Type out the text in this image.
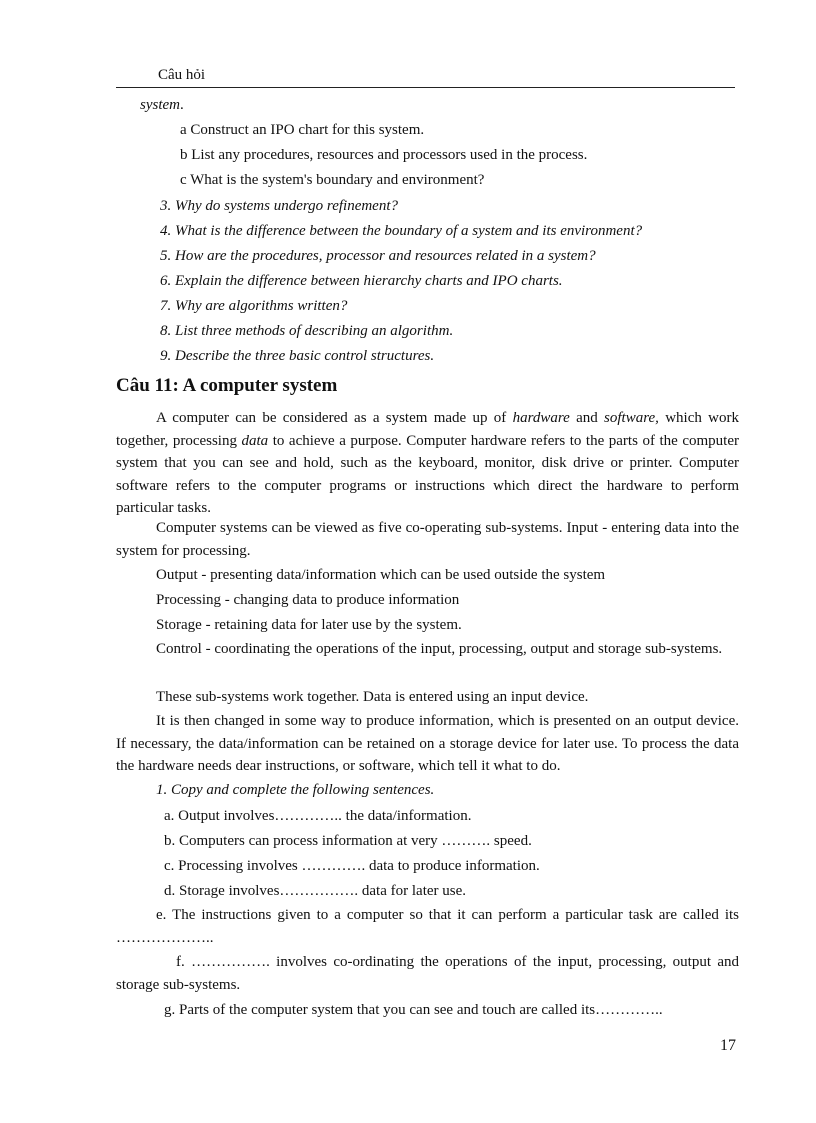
Câu hỏi
system.
a Construct an IPO chart for this system.
b List any procedures, resources and processors used in the process.
c What is the system's boundary and environment?
3. Why do systems undergo refinement?
4. What is the difference between the boundary of a system and its environment?
5. How are the procedures, processor and resources related in a system?
6. Explain the difference between hierarchy charts and IPO charts.
7. Why are algorithms written?
8. List three methods of describing an algorithm.
9. Describe the three basic control structures.
Câu 11: A computer system
A computer can be considered as a system made up of hardware and software, which work together, processing data to achieve a purpose. Computer hardware refers to the parts of the computer system that you can see and hold, such as the keyboard, monitor, disk drive or printer. Computer software refers to the computer programs or instructions which direct the hardware to perform particular tasks.
Computer systems can be viewed as five co-operating sub-systems. Input - entering data into the system for processing.
Output - presenting data/information which can be used outside the system
Processing - changing data to produce information
Storage - retaining data for later use by the system.
Control - coordinating the operations of the input, processing, output and storage sub-systems.
These sub-systems work together. Data is entered using an input device.
It is then changed in some way to produce information, which is presented on an output device. If necessary, the data/information can be retained on a storage device for later use. To process the data the hardware needs dear instructions, or software, which tell it what to do.
1. Copy and complete the following sentences.
a. Output involves………….. the data/information.
b. Computers can process information at very ………. speed.
c. Processing involves …………. data to produce information.
d. Storage involves……………. data for later use.
e. The instructions given to a computer so that it can perform a particular task are called its ………………..
f. ……………. involves co-ordinating the operations of the input, processing, output and storage sub-systems.
g. Parts of the computer system that you can see and touch are called its…………..
17
